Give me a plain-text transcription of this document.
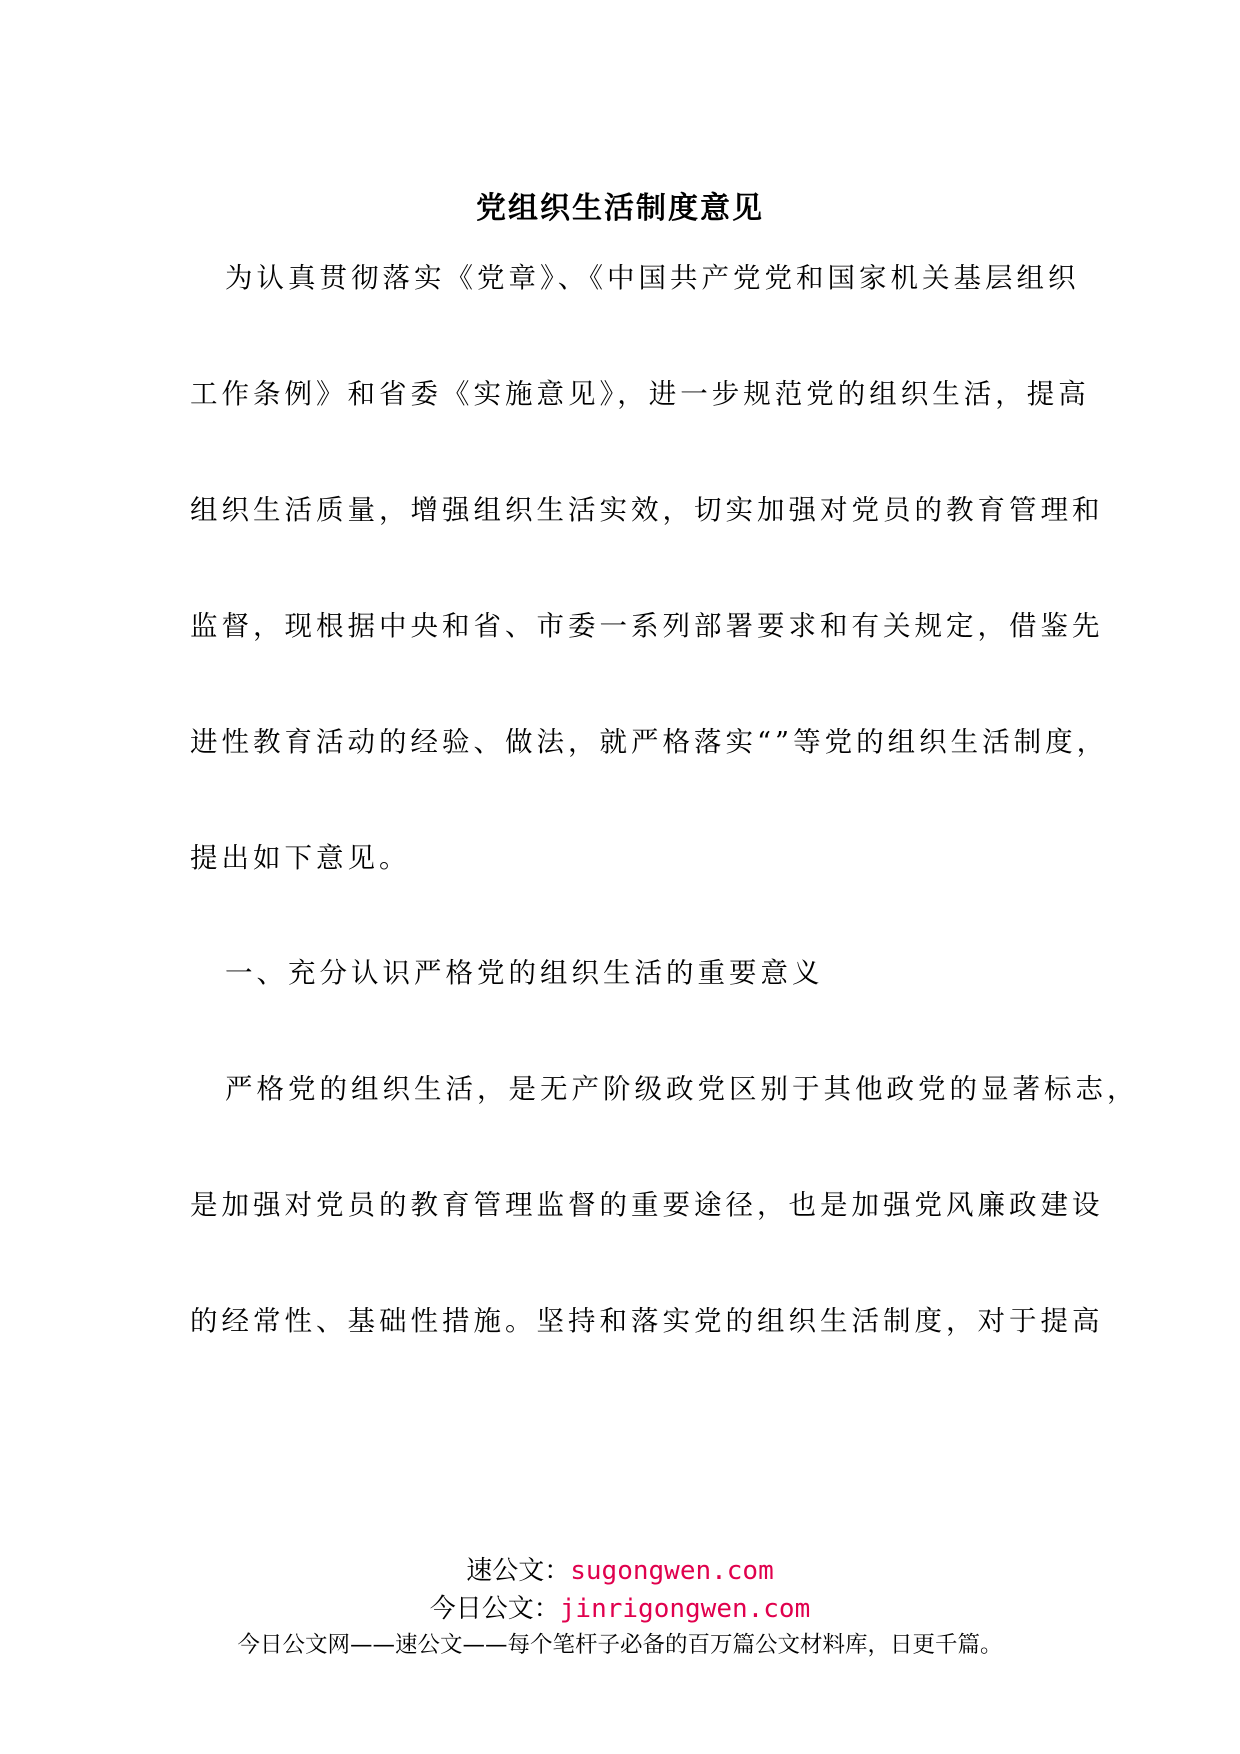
党组织生活制度意见
为认真贯彻落实《党章》、《中国共产党党和国家机关基层组织
工作条例》和省委《实施意见》，进一步规范党的组织生活，提高
组织生活质量，增强组织生活实效，切实加强对党员的教育管理和
监督，现根据中央和省、市委一系列部署要求和有关规定，借鉴先
进性教育活动的经验、做法，就严格落实“”等党的组织生活制度，
提出如下意见。
一、充分认识严格党的组织生活的重要意义
严格党的组织生活，是无产阶级政党区别于其他政党的显著标志，
是加强对党员的教育管理监督的重要途径，也是加强党风廉政建设
的经常性、基础性措施。坚持和落实党的组织生活制度，对于提高
速公文：sugongwen.com
今日公文：jinrigongwen.com
今日公文网——速公文——每个笔杆子必备的百万篇公文材料库，日更千篇。
